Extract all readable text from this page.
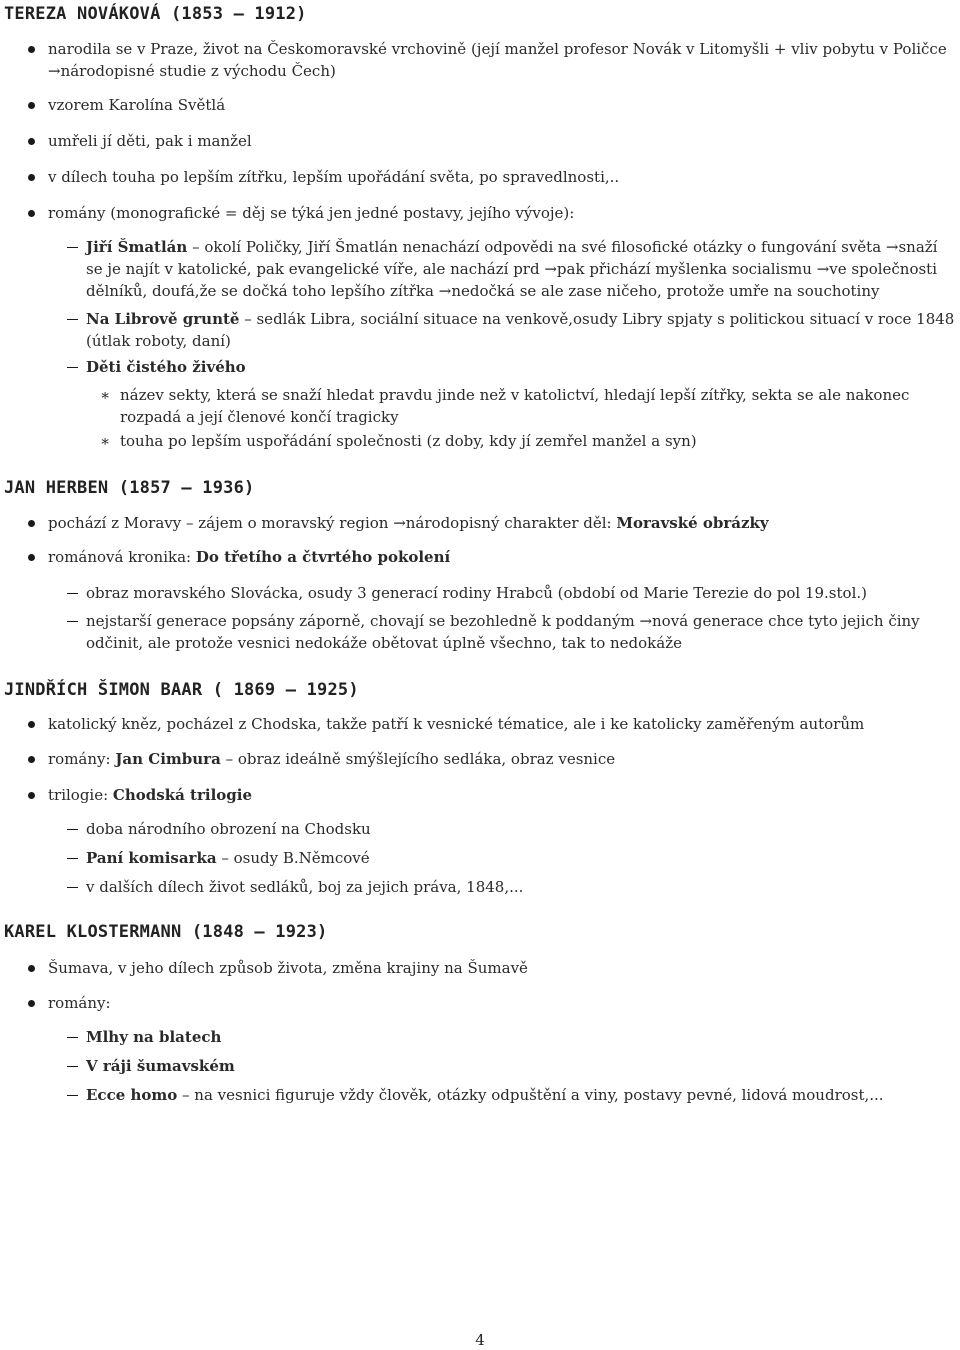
TEREZA NOVÁKOVÁ (1853 – 1912)
narodila se v Praze, život na Českomoravské vrchovině (její manžel profesor Novák v Litomyšli + vliv pobytu v Poličce →národopisné studie z východu Čech)
vzorem Karolína Světlá
umřeli jí děti, pak i manžel
v dílech touha po lepším zítřku, lepším upořádání světa, po spravedlnosti,..
romány (monografické = děj se týká jen jedné postavy, jejího vývoje):
Jiří Šmatlán – okolí Poličky, Jiří Šmatlán nenachází odpovědi na své filosofické otázky o fungování světa →snaží se je najít v katolické, pak evangelické víře, ale nachází prd →pak přichází myšlenka socialismu →ve společnosti dělníků, doufá,že se dočká toho lepšího zítřka →nedočká se ale zase ničeho, protože umře na souchotiny
Na Librově gruntě – sedlák Libra, sociální situace na venkově,osudy Libry spjaty s politickou situací v roce 1848 (útlak roboty, daní)
Děti čistého živého
∗ název sekty, která se snaží hledat pravdu jinde než v katolictví, hledají lepší zítřky, sekta se ale nakonec rozpadá a její členové končí tragicky
∗ touha po lepším uspořádání společnosti (z doby, kdy jí zemřel manžel a syn)
JAN HERBEN (1857 – 1936)
pochází z Moravy – zájem o moravský region →národopisný charakter děl: Moravské obrázky
románová kronika: Do třetího a čtvrtého pokolení
obraz moravského Slovácka, osudy 3 generací rodiny Hrabců (období od Marie Terezie do pol 19.stol.)
nejstarší generace popsány záporně, chovají se bezohledně k poddaným →nová generace chce tyto jejich činy odčinit, ale protože vesnici nedokáže obětovat úplně všechno, tak to nedokáže
JINDŘÍCH ŠIMON BAAR ( 1869 – 1925)
katolický kněz, pocházel z Chodska, takže patří k vesnické tématice, ale i ke katolicky zaměřeným autorům
romány: Jan Cimbura – obraz ideálně smýšlejícího sedláka, obraz vesnice
trilogie: Chodská trilogie
doba národního obrození na Chodsku
Paní komisarka – osudy B.Němcové
v dalších dílech život sedláků, boj za jejich práva, 1848,...
KAREL KLOSTERMANN (1848 – 1923)
Šumava, v jeho dílech způsob života, změna krajiny na Šumavě
romány:
Mlhy na blatech
V ráji šumavském
Ecce homo – na vesnici figuruje vždy člověk, otázky odpuštění a viny, postavy pevné, lidová moudrost,...
4
